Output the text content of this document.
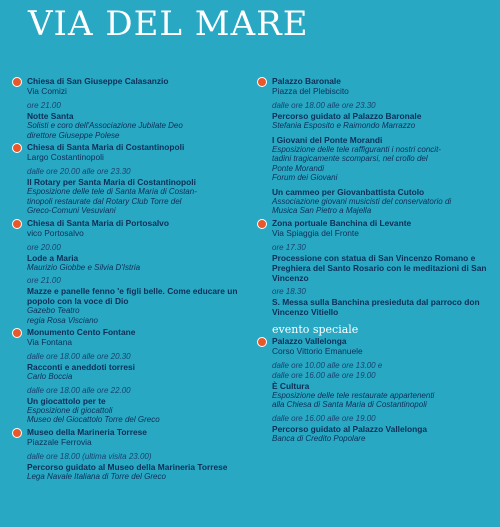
VIA DEL MARE
Chiesa di San Giuseppe Calasanzio
Via Comizi
ore 21.00
Notte Santa
Solisti e coro dell'Associazione Jubilate Deo
direttore Giuseppe Polese
Chiesa di Santa Maria di Costantinopoli
Largo Costantinopoli
dalle ore 20.00 alle ore 23.30
Il Rotary per Santa Maria di Costantinopoli
Esposizione delle tele di Santa Maria di Costan-
tinopoli restaurate dal Rotary Club Torre del
Greco-Comuni Vesuviani
Chiesa di Santa Maria di Portosalvo
vico Portosalvo
ore 20.00
Lode a Maria
Maurizio Giobbe e Silvia D'Istria
ore 21.00
Mazze e panelle fenno 'e figli belle. Come educare un popolo con la voce di Dio
Gazebo Teatro
regia Rosa Visciano
Monumento Cento Fontane
Via Fontana
dalle ore 18.00 alle ore 20.30
Racconti e aneddoti torresi
Carlo Boccia
dalle ore 18.00 alle ore 22.00
Un giocattolo per te
Esposizione di giocattoli
Museo del Giocattolo Torre del Greco
Museo della Marineria Torrese
Piazzale Ferrovia
dalle ore 18.00 (ultima visita 23.00)
Percorso guidato al Museo della Marineria Torrese
Lega Navale Italiana di Torre del Greco
Palazzo Baronale
Piazza del Plebiscito
dalle ore 18.00 alle ore 23.30
Percorso guidato al Palazzo Baronale
Stefania Esposito e Raimondo Marrazzo
I Giovani del Ponte Morandi
Esposizione delle tele raffiguranti i nostri concit-
tadini tragicamente scomparsi, nel crollo del
Ponte Morandi
Forum dei Giovani
Un cammeo per Giovanbattista Cutolo
Associazione giovani musicisti del conservatorio di
Musica San Pietro a Majella
Zona portuale Banchina di Levante
Via Spiaggia del Fronte
ore 17.30
Processione con statua di San Vincenzo Romano e Preghiera del Santo Rosario con le meditazioni di San Vincenzo
ore 18.30
S. Messa sulla Banchina presieduta dal parroco don Vincenzo Vitiello
evento speciale
Palazzo Vallelonga
Corso Vittorio Emanuele
dalle ore 10.00 alle ore 13.00 e
dalle ore 16.00 alle ore 19.00
È Cultura
Esposizione delle tele restaurate appartenenti
alla Chiesa di Santa Maria di Costantinopoli
dalle ore 16.00 alle ore 19.00
Percorso guidato al Palazzo Vallelonga
Banca di Credito Popolare
